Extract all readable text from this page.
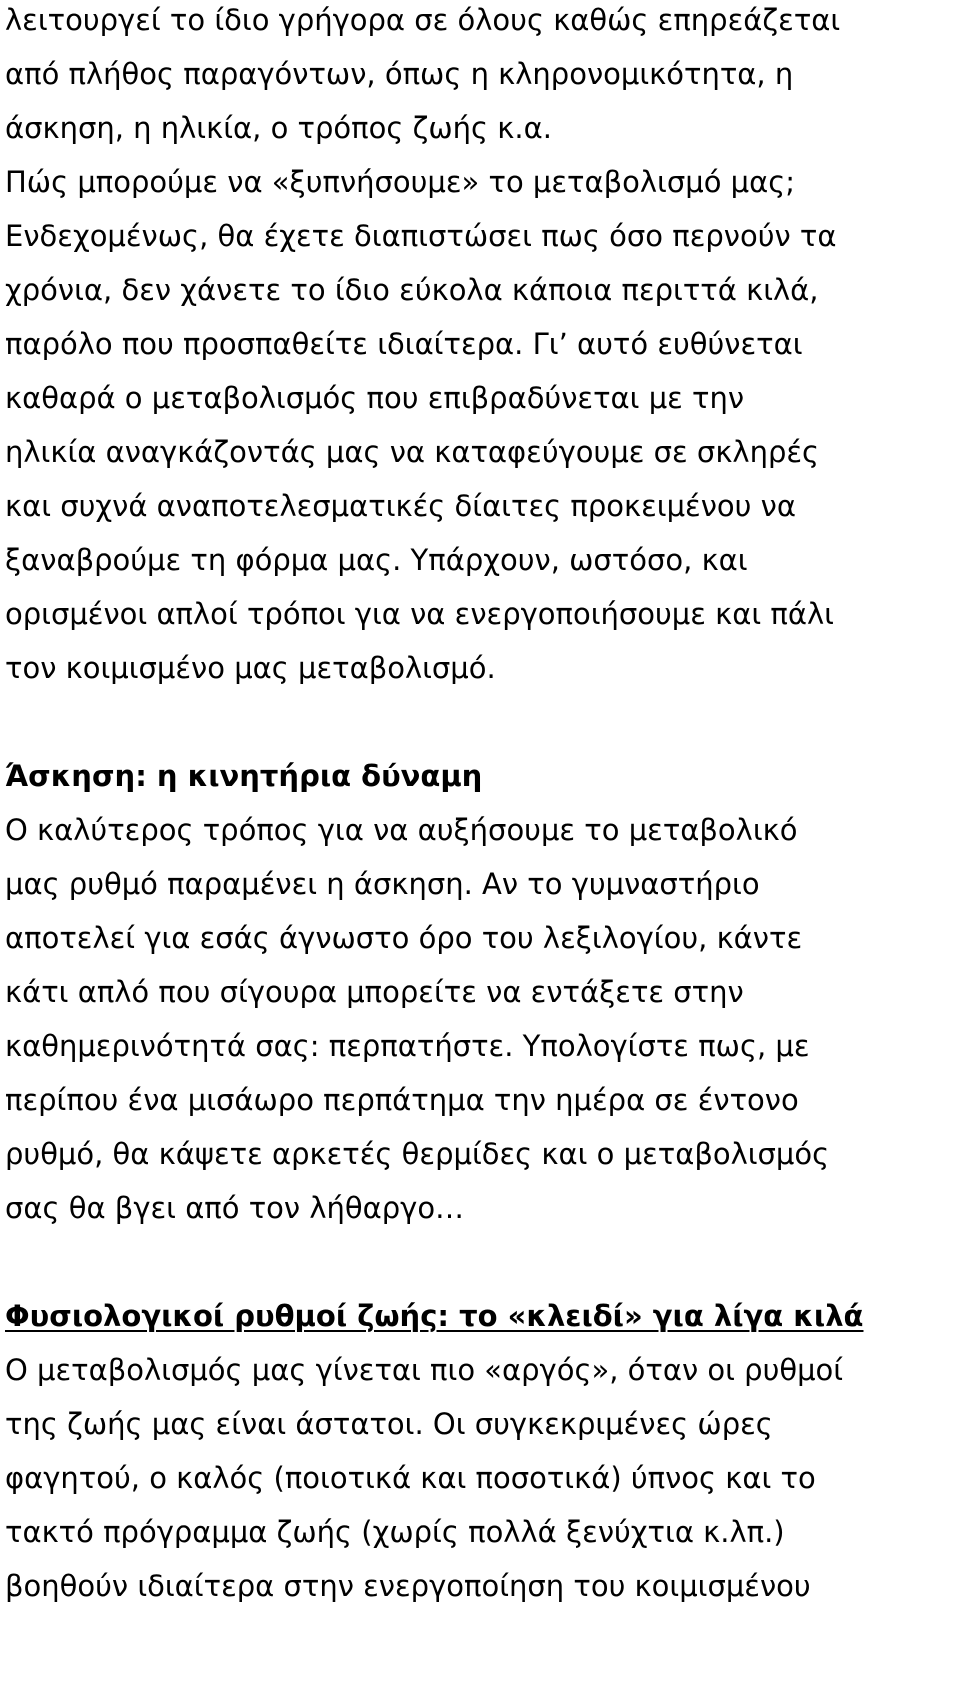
λειτουργεί το ίδιο γρήγορα σε όλους καθώς επηρεάζεται
από πλήθος παραγόντων, όπως η κληρονομικότητα, η
άσκηση, η ηλικία, ο τρόπος ζωής κ.α.
Πώς μπορούμε να «ξυπνήσουμε» το μεταβολισμό μας;
Ενδεχομένως, θα έχετε διαπιστώσει πως όσο περνούν τα
χρόνια, δεν χάνετε το ίδιο εύκολα κάποια περιττά κιλά,
παρόλο που προσπαθείτε ιδιαίτερα. Γι’ αυτό ευθύνεται
καθαρά ο μεταβολισμός που επιβραδύνεται με την
ηλικία αναγκάζοντάς μας να καταφεύγουμε σε σκληρές
και συχνά αναποτελεσματικές δίαιτες προκειμένου να
ξαναβρούμε τη φόρμα μας. Υπάρχουν, ωστόσο, και
ορισμένοι απλοί τρόποι για να ενεργοποιήσουμε και πάλι
τον κοιμισμένο μας μεταβολισμό.
Άσκηση: η κινητήρια δύναμη
Ο καλύτερος τρόπος για να αυξήσουμε το μεταβολικό
μας ρυθμό παραμένει η άσκηση. Αν το γυμναστήριο
αποτελεί για εσάς άγνωστο όρο του λεξιλογίου, κάντε
κάτι απλό που σίγουρα μπορείτε να εντάξετε στην
καθημερινότητά σας: περπατήστε. Υπολογίστε πως, με
περίπου ένα μισάωρο περπάτημα την ημέρα σε έντονο
ρυθμό, θα κάψετε αρκετές θερμίδες και ο μεταβολισμός
σας θα βγει από τον λήθαργο…
Φυσιολογικοί ρυθμοί ζωής: το «κλειδί» για λίγα κιλά
Ο μεταβολισμός μας γίνεται πιο «αργός», όταν οι ρυθμοί
της ζωής μας είναι άστατοι. Οι συγκεκριμένες ώρες
φαγητού, ο καλός (ποιοτικά και ποσοτικά) ύπνος και το
τακτό πρόγραμμα ζωής (χωρίς πολλά ξενύχτια κ.λπ.)
βοηθούν ιδιαίτερα στην ενεργοποίηση του κοιμισμένου
